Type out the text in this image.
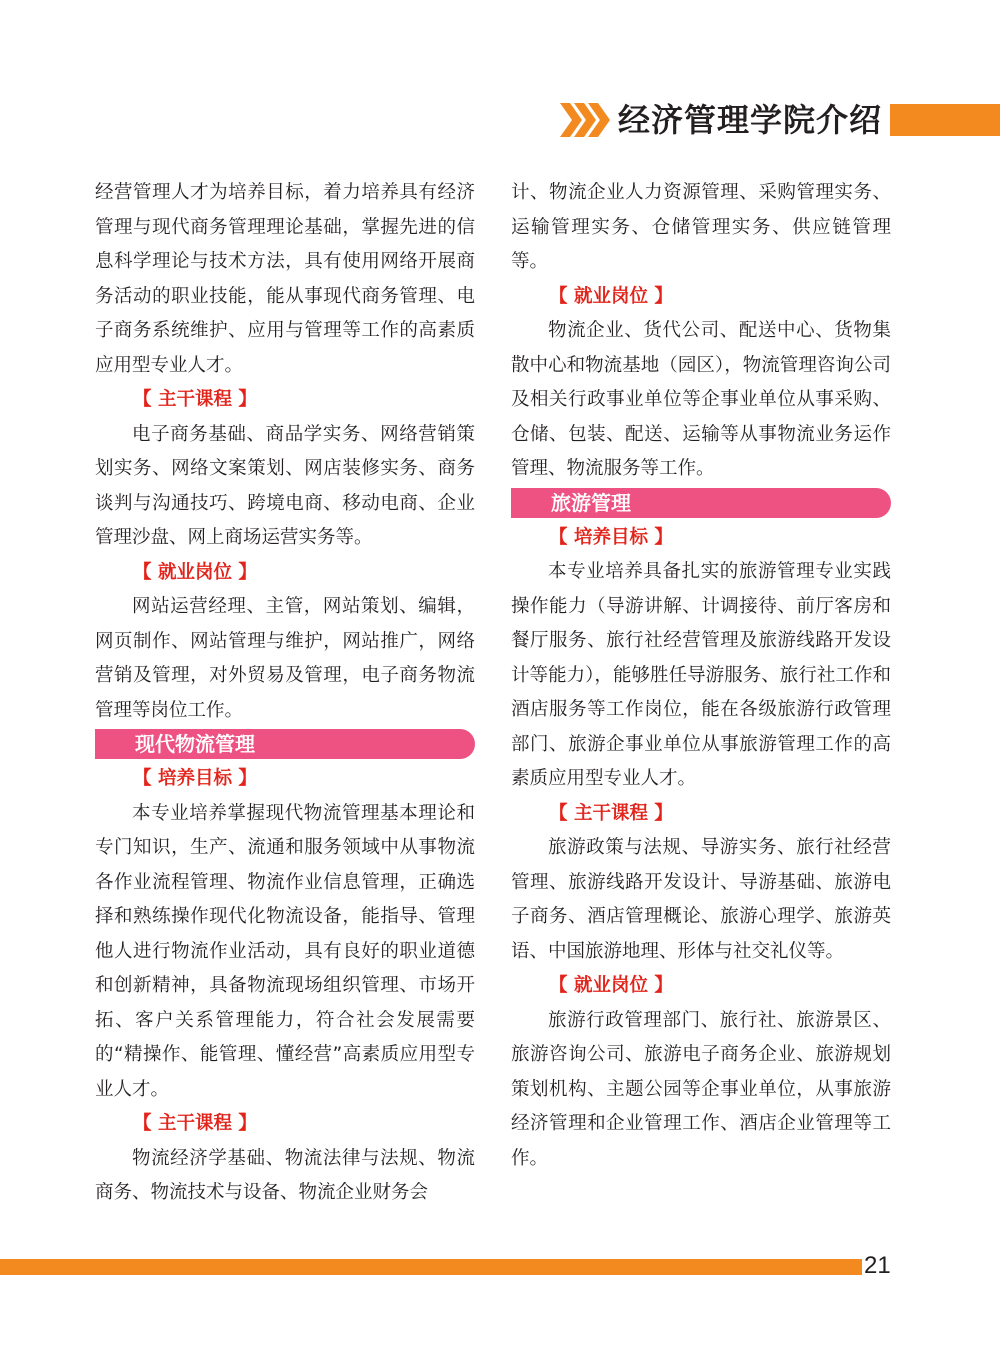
经济管理学院介绍

经营管理人才为培养目标，着力培养具有经济管理与现代商务管理理论基础，掌握先进的信息科学理论与技术方法，具有使用网络开展商务活动的职业技能，能从事现代商务管理、电子商务系统维护、应用与管理等工作的高素质应用型专业人才。

【 主干课程 】

电子商务基础、商品学实务、网络营销策划实务、网络文案策划、网店装修实务、商务谈判与沟通技巧、跨境电商、移动电商、企业管理沙盘、网上商场运营实务等。

【 就业岗位 】

网站运营经理、主管，网站策划、编辑，网页制作、网站管理与维护，网站推广，网络营销及管理，对外贸易及管理，电子商务物流管理等岗位工作。

现代物流管理

【 培养目标 】

本专业培养掌握现代物流管理基本理论和专门知识，生产、流通和服务领域中从事物流各作业流程管理、物流作业信息管理，正确选择和熟练操作现代化物流设备，能指导、管理他人进行物流作业活动，具有良好的职业道德和创新精神，具备物流现场组织管理、市场开拓、客户关系管理能力，符合社会发展需要的“精操作、能管理、懂经营”高素质应用型专业人才。

【 主干课程 】

物流经济学基础、物流法律与法规、物流商务、物流技术与设备、物流企业财务会

计、物流企业人力资源管理、采购管理实务、运输管理实务、仓储管理实务、供应链管理等。

【 就业岗位 】

物流企业、货代公司、配送中心、货物集散中心和物流基地（园区），物流管理咨询公司及相关行政事业单位等企事业单位从事采购、仓储、包装、配送、运输等从事物流业务运作管理、物流服务等工作。

旅游管理

【 培养目标 】

本专业培养具备扎实的旅游管理专业实践操作能力（导游讲解、计调接待、前厅客房和餐厅服务、旅行社经营管理及旅游线路开发设计等能力），能够胜任导游服务、旅行社工作和酒店服务等工作岗位，能在各级旅游行政管理部门、旅游企事业单位从事旅游管理工作的高素质应用型专业人才。

【 主干课程 】

旅游政策与法规、导游实务、旅行社经营管理、旅游线路开发设计、导游基础、旅游电子商务、酒店管理概论、旅游心理学、旅游英语、中国旅游地理、形体与社交礼仪等。

【 就业岗位 】

旅游行政管理部门、旅行社、旅游景区、旅游咨询公司、旅游电子商务企业、旅游规划策划机构、主题公园等企事业单位，从事旅游经济管理和企业管理工作、酒店企业管理等工作。

21
